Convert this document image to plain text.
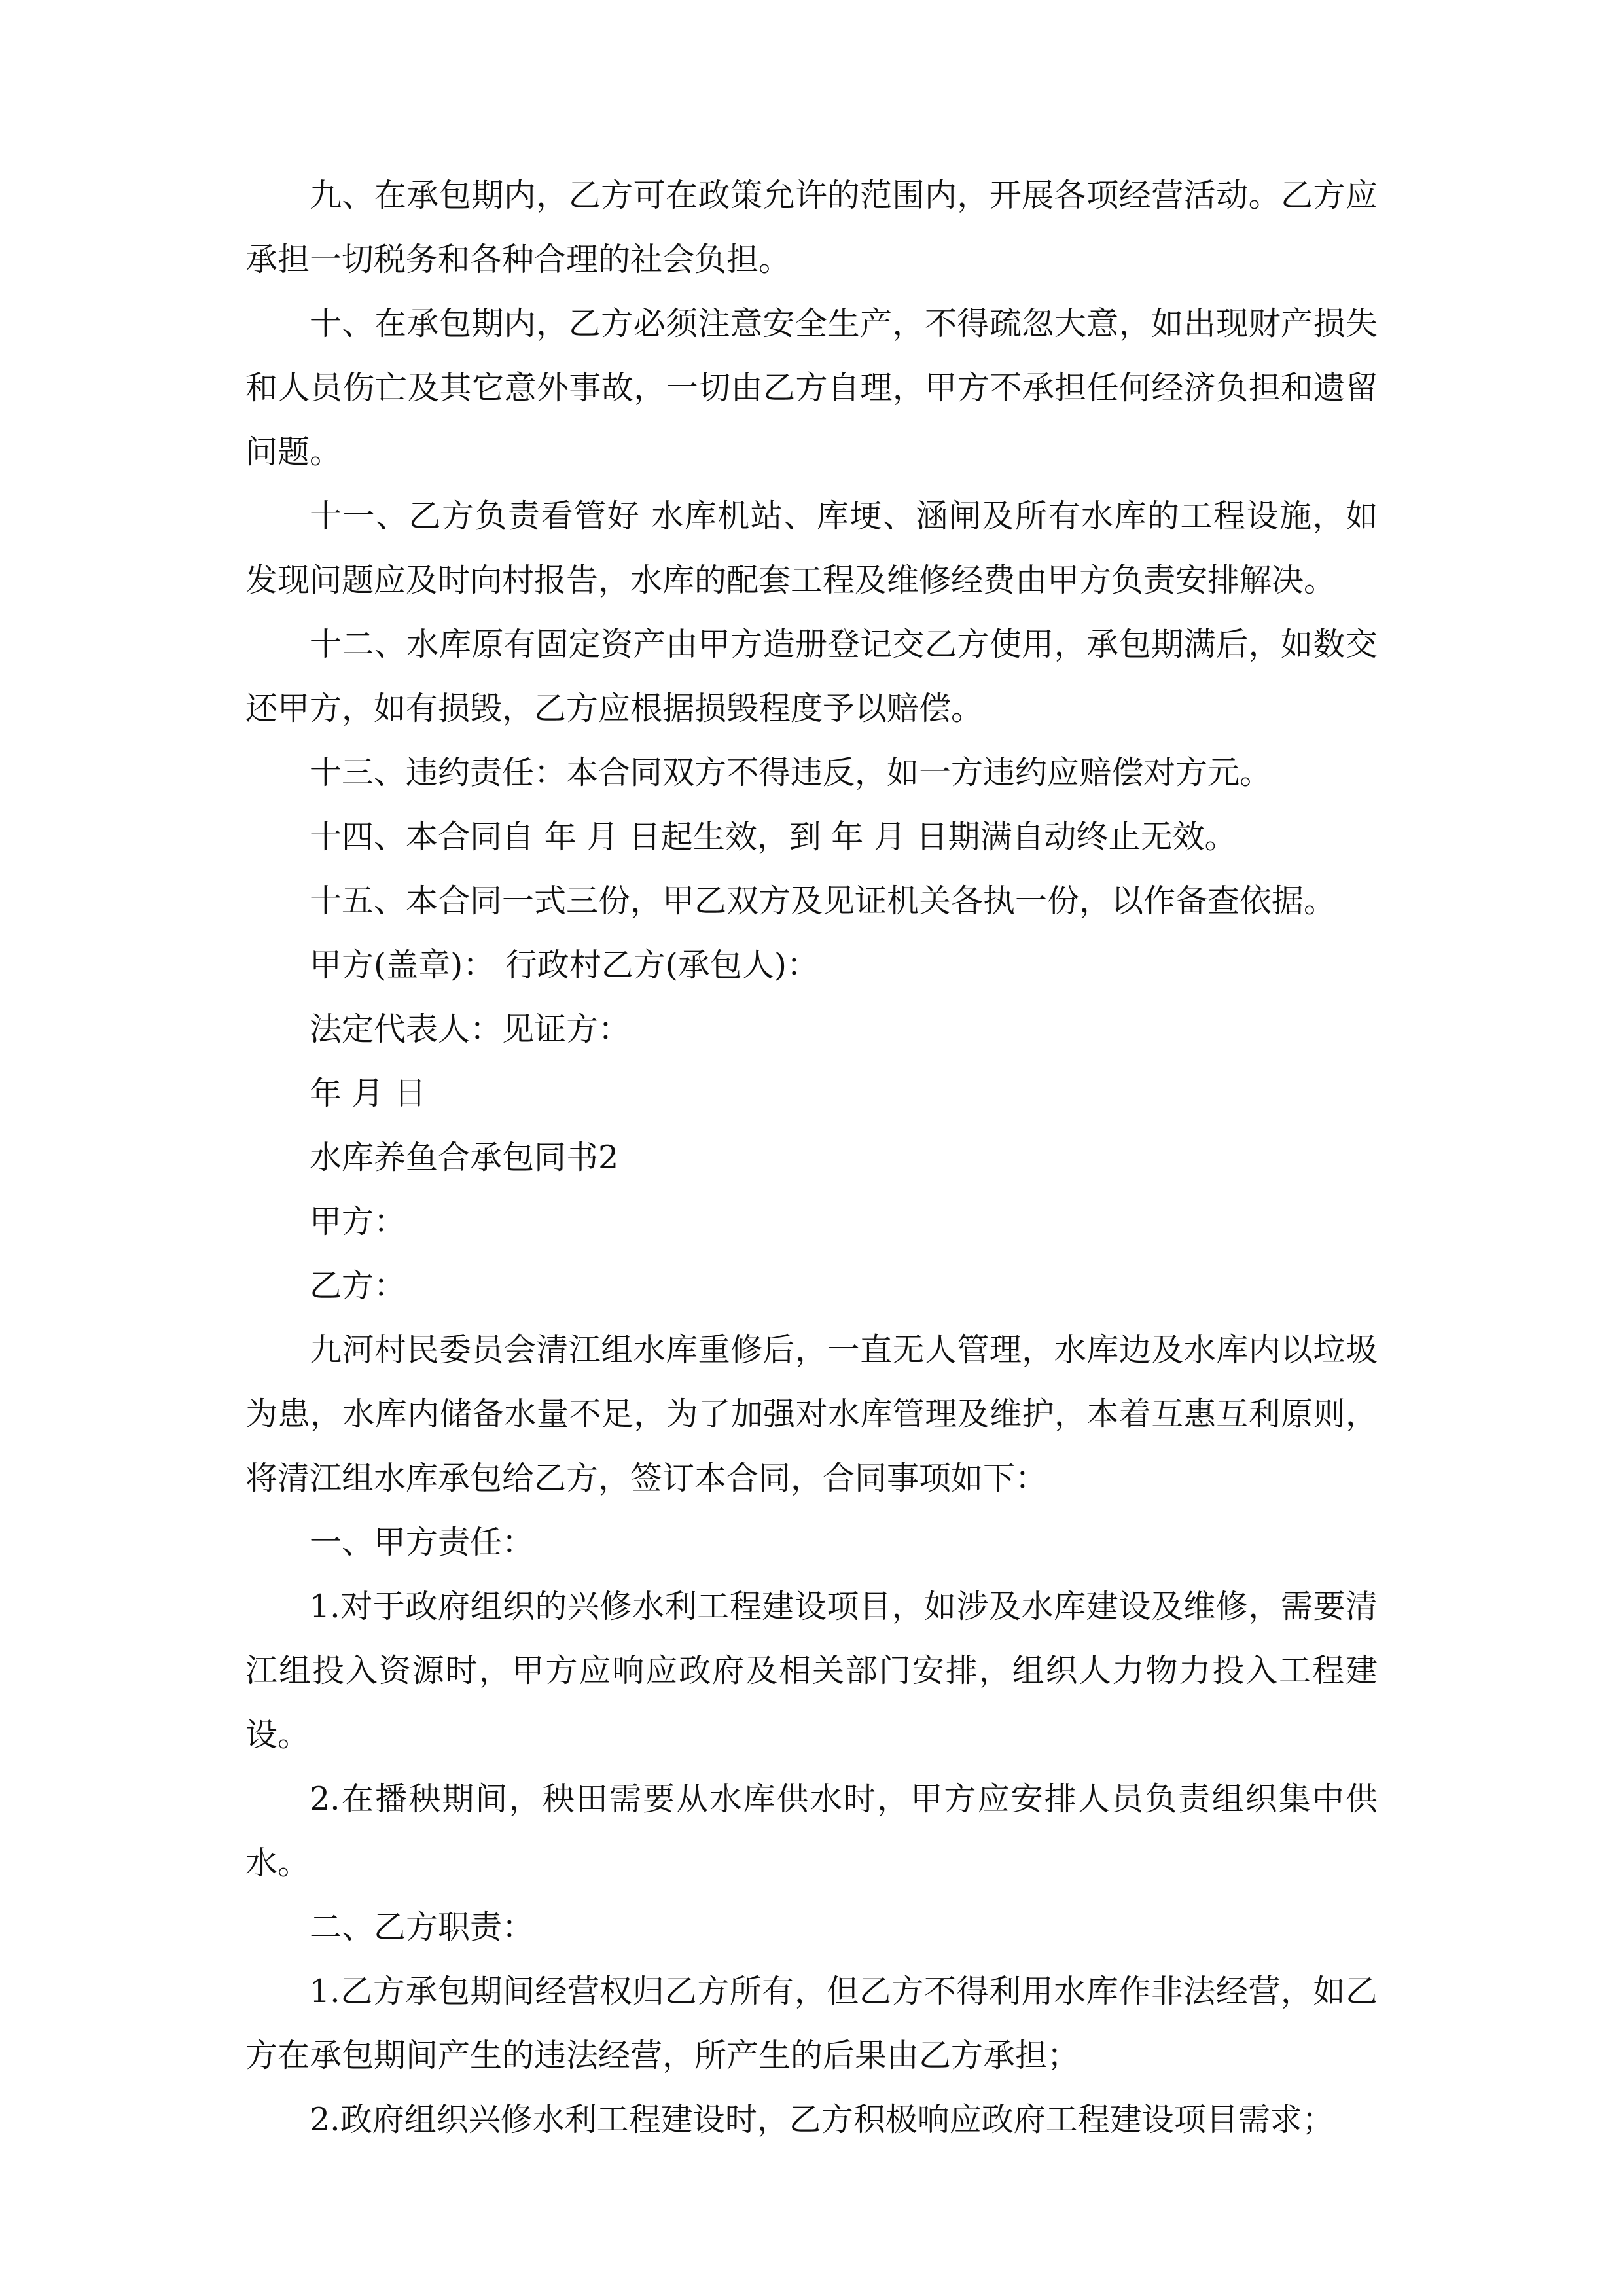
九、在承包期内，乙方可在政策允许的范围内，开展各项经营活动。乙方应承担一切税务和各种合理的社会负担。

十、在承包期内，乙方必须注意安全生产，不得疏忽大意，如出现财产损失和人员伤亡及其它意外事故，一切由乙方自理，甲方不承担任何经济负担和遗留问题。

十一、乙方负责看管好 水库机站、库埂、涵闸及所有水库的工程设施，如发现问题应及时向村报告，水库的配套工程及维修经费由甲方负责安排解决。

十二、水库原有固定资产由甲方造册登记交乙方使用，承包期满后，如数交还甲方，如有损毁，乙方应根据损毁程度予以赔偿。

十三、违约责任：本合同双方不得违反，如一方违约应赔偿对方元。

十四、本合同自 年 月 日起生效，到 年 月 日期满自动终止无效。

十五、本合同一式三份，甲乙双方及见证机关各执一份，以作备查依据。

甲方(盖章)： 行政村乙方(承包人)：

法定代表人：见证方：

年 月 日

水库养鱼合承包同书2

甲方：

乙方：

九河村民委员会清江组水库重修后，一直无人管理，水库边及水库内以垃圾为患，水库内储备水量不足，为了加强对水库管理及维护，本着互惠互利原则，将清江组水库承包给乙方，签订本合同，合同事项如下：

一、甲方责任：

1.对于政府组织的兴修水利工程建设项目，如涉及水库建设及维修，需要清江组投入资源时，甲方应响应政府及相关部门安排，组织人力物力投入工程建设。

2.在播秧期间，秧田需要从水库供水时，甲方应安排人员负责组织集中供水。

二、乙方职责：

1.乙方承包期间经营权归乙方所有，但乙方不得利用水库作非法经营，如乙方在承包期间产生的违法经营，所产生的后果由乙方承担；

2.政府组织兴修水利工程建设时，乙方积极响应政府工程建设项目需求；
